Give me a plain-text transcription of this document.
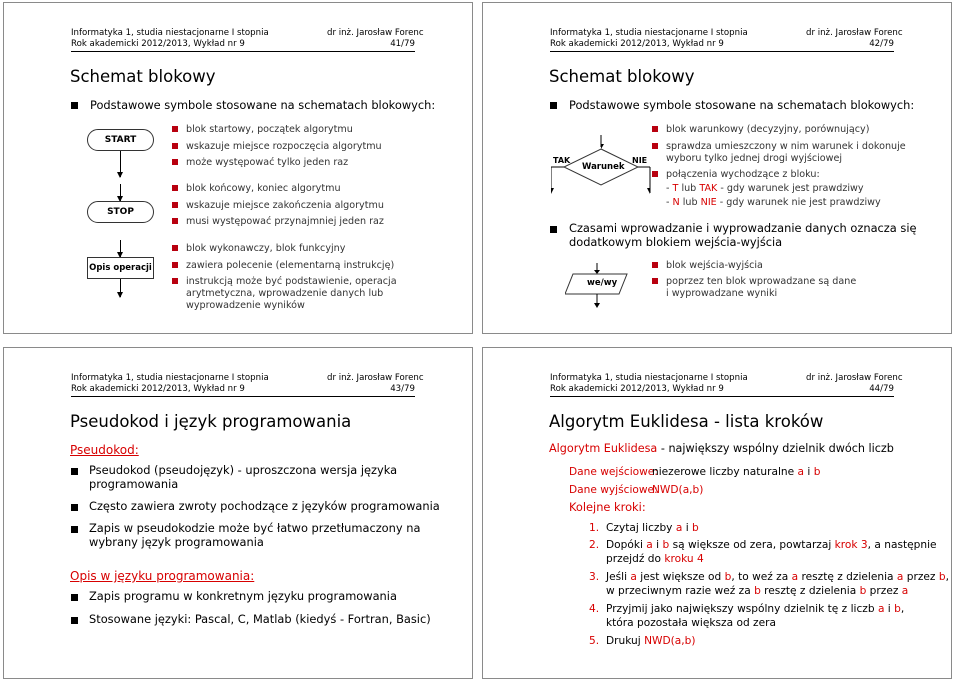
Informatyka 1, studia niestacjonarne I stopnia
Rok akademicki 2012/2013, Wykład nr 9
dr inż. Jarosław Forenc
41/79
Schemat blokowy
Podstawowe symbole stosowane na schematach blokowych:
START
STOP
Opis operacji
blok startowy, początek algorytmu
wskazuje miejsce rozpoczęcia algorytmu
może występować tylko jeden raz
blok końcowy, koniec algorytmu
wskazuje miejsce zakończenia algorytmu
musi występować przynajmniej jeden raz
blok wykonawczy, blok funkcyjny
zawiera polecenie (elementarną instrukcję)
instrukcją może być podstawienie, operacja
arytmetyczna, wprowadzenie danych lub
wyprowadzenie wyników
Informatyka 1, studia niestacjonarne I stopnia
Rok akademicki 2012/2013, Wykład nr 9
dr inż. Jarosław Forenc
42/79
Schemat blokowy
Podstawowe symbole stosowane na schematach blokowych:
TAK
Warunek
NIE
blok warunkowy (decyzyjny, porównujący)
sprawdza umieszczony w nim warunek i dokonuje
wyboru tylko jednej drogi wyjściowej
połączenia wychodzące z bloku:
- T lub TAK - gdy warunek jest prawdziwy
- N lub NIE - gdy warunek nie jest prawdziwy
Czasami wprowadzanie i wyprowadzanie danych oznacza się
dodatkowym blokiem wejścia-wyjścia
we/wy
blok wejścia-wyjścia
poprzez ten blok wprowadzane są dane
i wyprowadzane wyniki
Informatyka 1, studia niestacjonarne I stopnia
Rok akademicki 2012/2013, Wykład nr 9
dr inż. Jarosław Forenc
43/79
Pseudokod i język programowania
Pseudokod:
Pseudokod (pseudojęzyk) - uproszczona wersja języka
programowania
Często zawiera zwroty pochodzące z języków programowania
Zapis w pseudokodzie może być łatwo przetłumaczony na
wybrany język programowania
Opis w języku programowania:
Zapis programu w konkretnym języku programowania
Stosowane języki: Pascal, C, Matlab (kiedyś - Fortran, Basic)
Informatyka 1, studia niestacjonarne I stopnia
Rok akademicki 2012/2013, Wykład nr 9
dr inż. Jarosław Forenc
44/79
Algorytm Euklidesa - lista kroków
Algorytm Euklidesa - największy wspólny dzielnik dwóch liczb
Dane wejściowe:
niezerowe liczby naturalne a i b
Dane wyjściowe:
NWD(a,b)
Kolejne kroki:
1. Czytaj liczby a i b
2. Dopóki a i b są większe od zera, powtarzaj krok 3, a następnie
przejdź do kroku 4
3. Jeśli a jest większe od b, to weź za a resztę z dzielenia a przez b,
w przeciwnym razie weź za b resztę z dzielenia b przez a
4. Przyjmij jako największy wspólny dzielnik tę z liczb a i b,
która pozostała większa od zera
5. Drukuj NWD(a,b)
